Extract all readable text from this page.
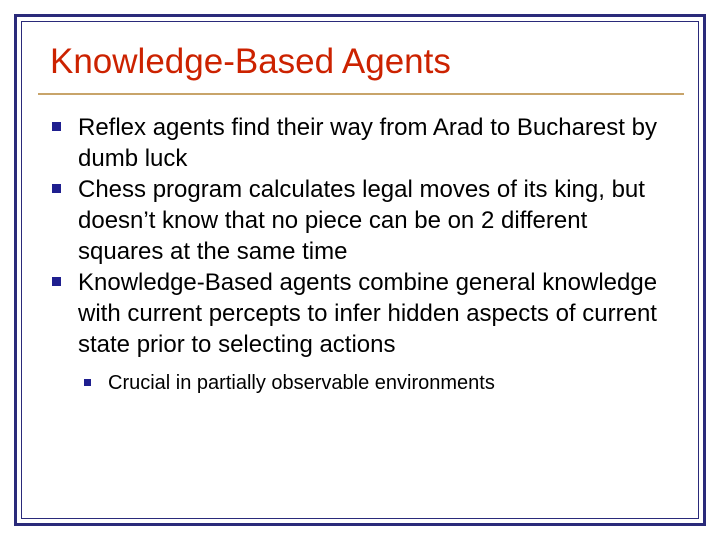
Knowledge-Based Agents
Reflex agents find their way from Arad to Bucharest by dumb luck
Chess program calculates legal moves of its king, but doesn’t know that no piece can be on 2 different squares at the same time
Knowledge-Based agents combine general knowledge with current percepts to infer hidden aspects of current state prior to selecting actions
Crucial in partially observable environments
